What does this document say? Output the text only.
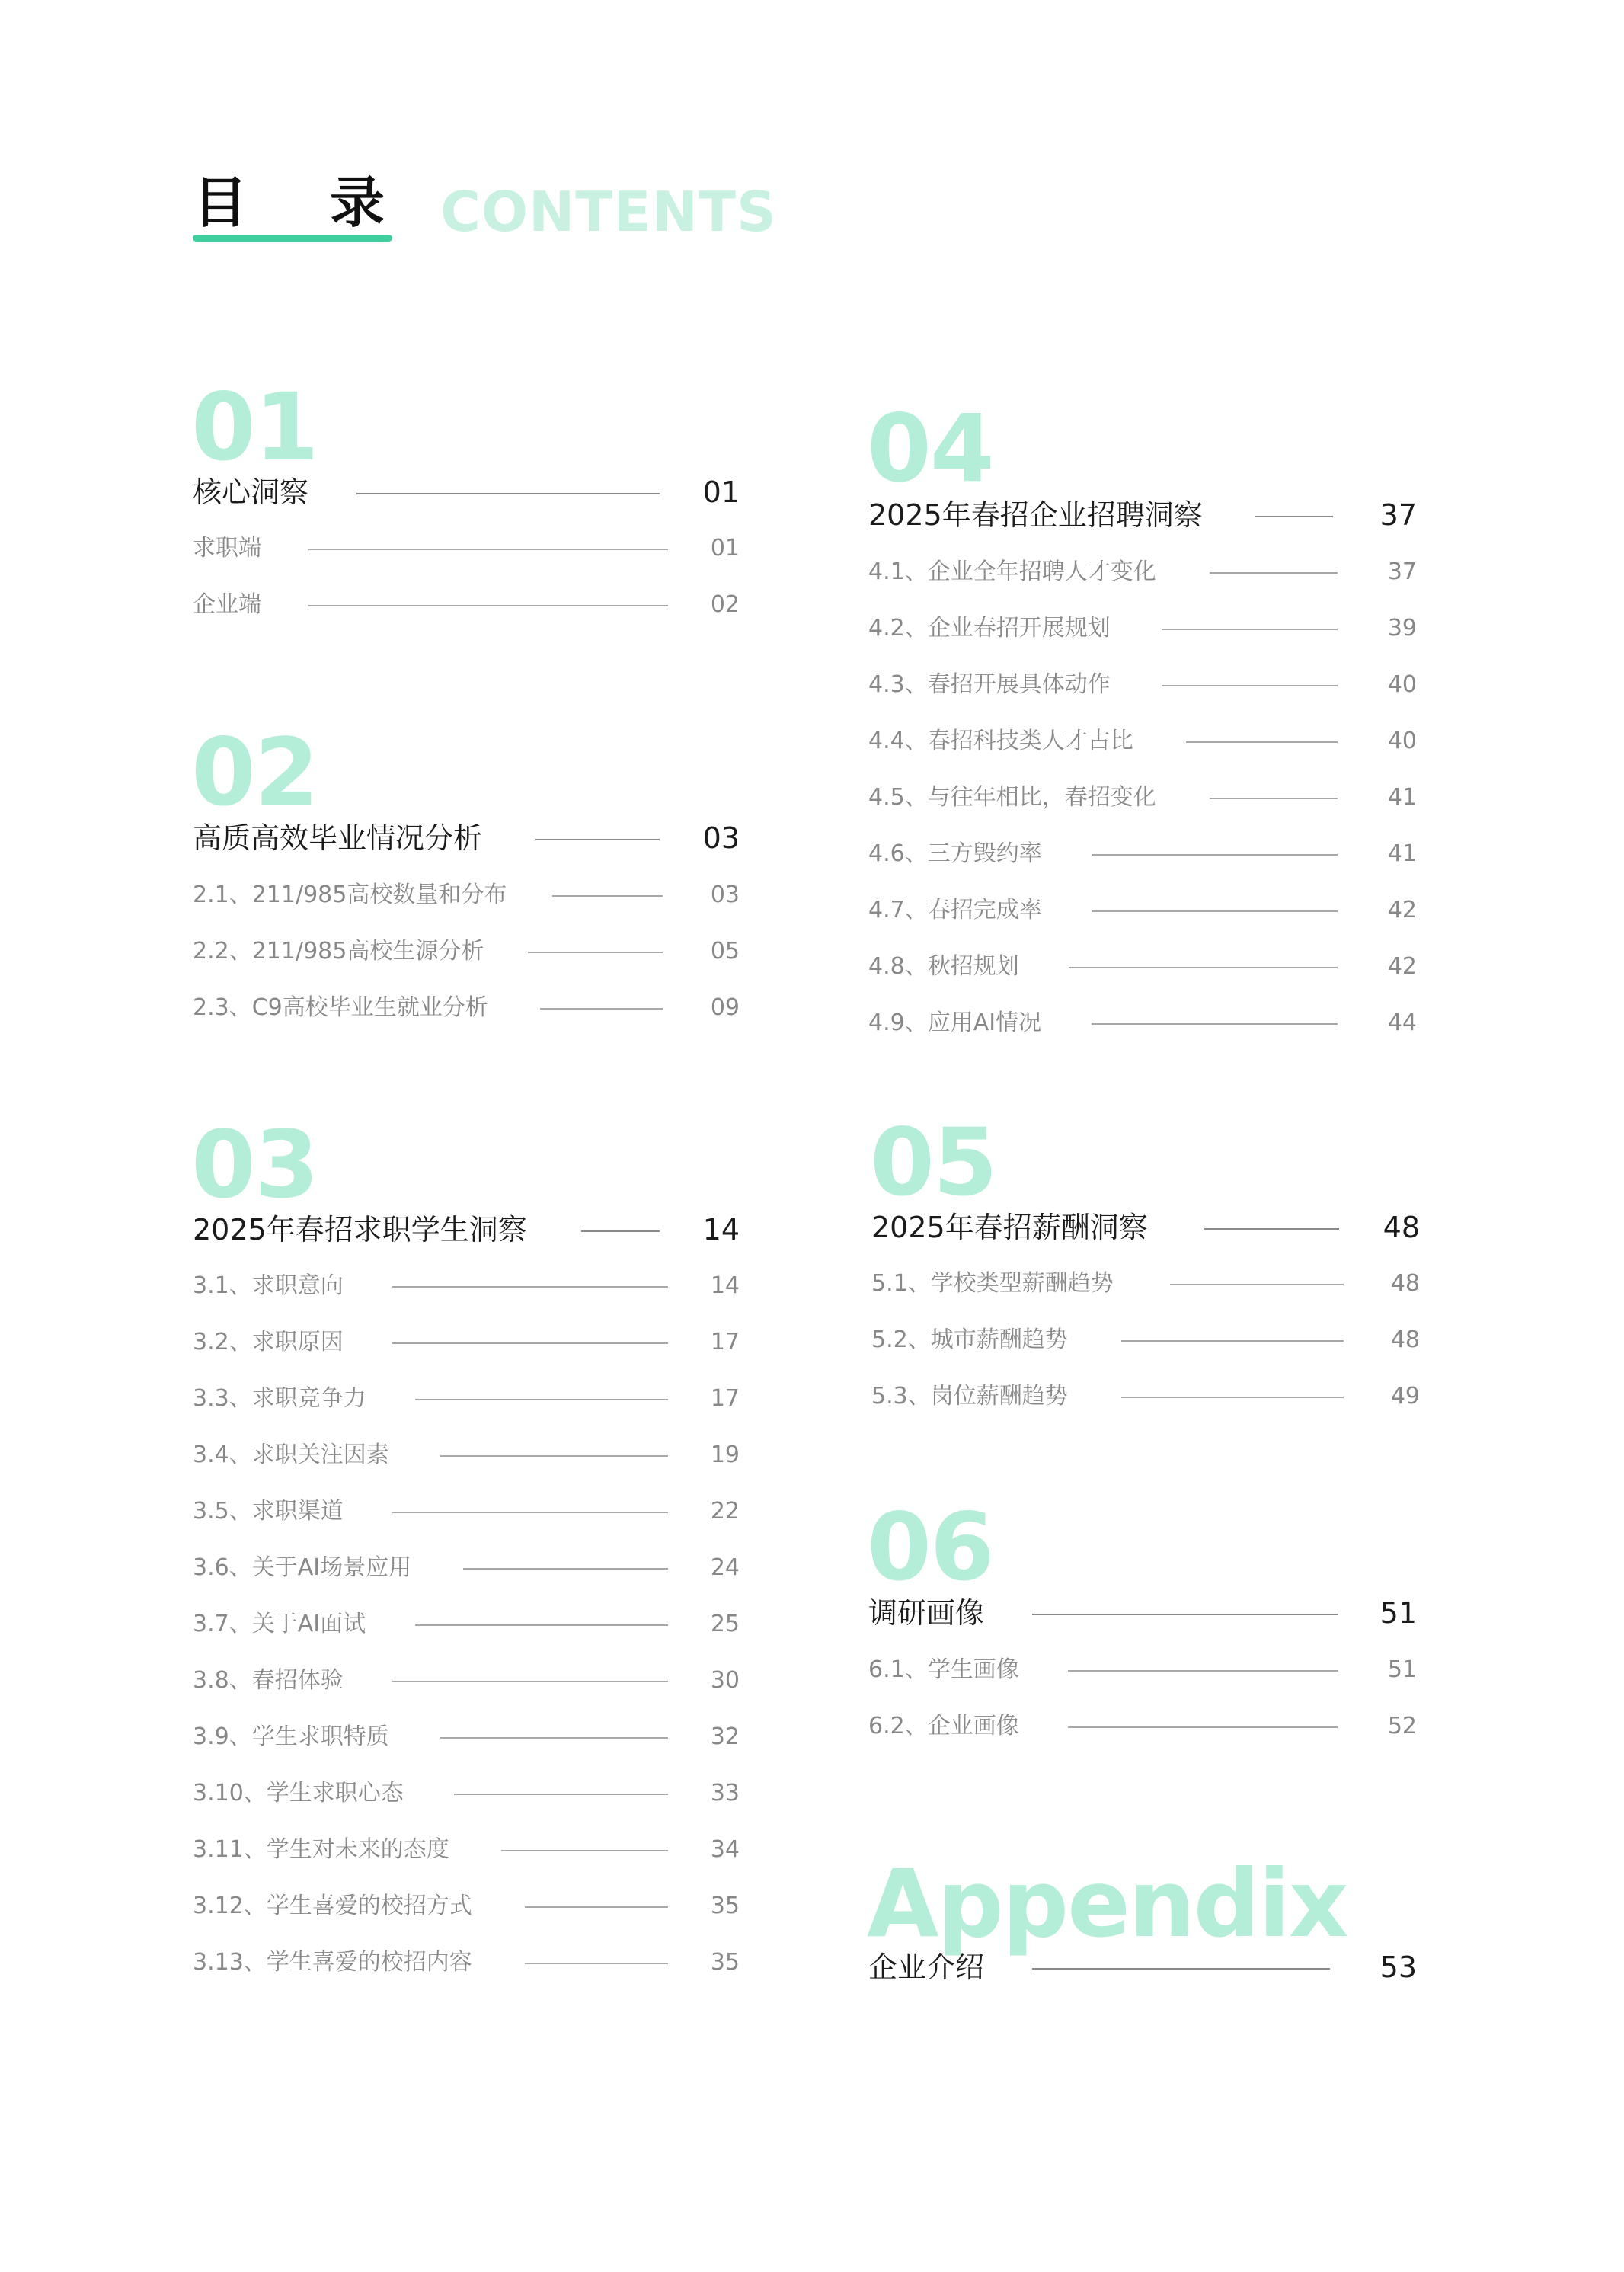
目录
CONTENTS
01
核心洞察	01
求职端	01
企业端	02
02
高质高效毕业情况分析	03
2.1、211/985高校数量和分布	03
2.2、211/985高校生源分析	05
2.3、C9高校毕业生就业分析	09
03
2025年春招求职学生洞察	14
3.1、求职意向	14
3.2、求职原因	17
3.3、求职竞争力	17
3.4、求职关注因素	19
3.5、求职渠道	22
3.6、关于AI场景应用	24
3.7、关于AI面试	25
3.8、春招体验	30
3.9、学生求职特质	32
3.10、学生求职心态	33
3.11、学生对未来的态度	34
3.12、学生喜爱的校招方式	35
3.13、学生喜爱的校招内容	35
04
2025年春招企业招聘洞察	37
4.1、企业全年招聘人才变化	37
4.2、企业春招开展规划	39
4.3、春招开展具体动作	40
4.4、春招科技类人才占比	40
4.5、与往年相比，春招变化	41
4.6、三方毁约率	41
4.7、春招完成率	42
4.8、秋招规划	42
4.9、应用AI情况	44
05
2025年春招薪酬洞察	48
5.1、学校类型薪酬趋势	48
5.2、城市薪酬趋势	48
5.3、岗位薪酬趋势	49
06
调研画像	51
6.1、学生画像	51
6.2、企业画像	52
Appendix
企业介绍	53
